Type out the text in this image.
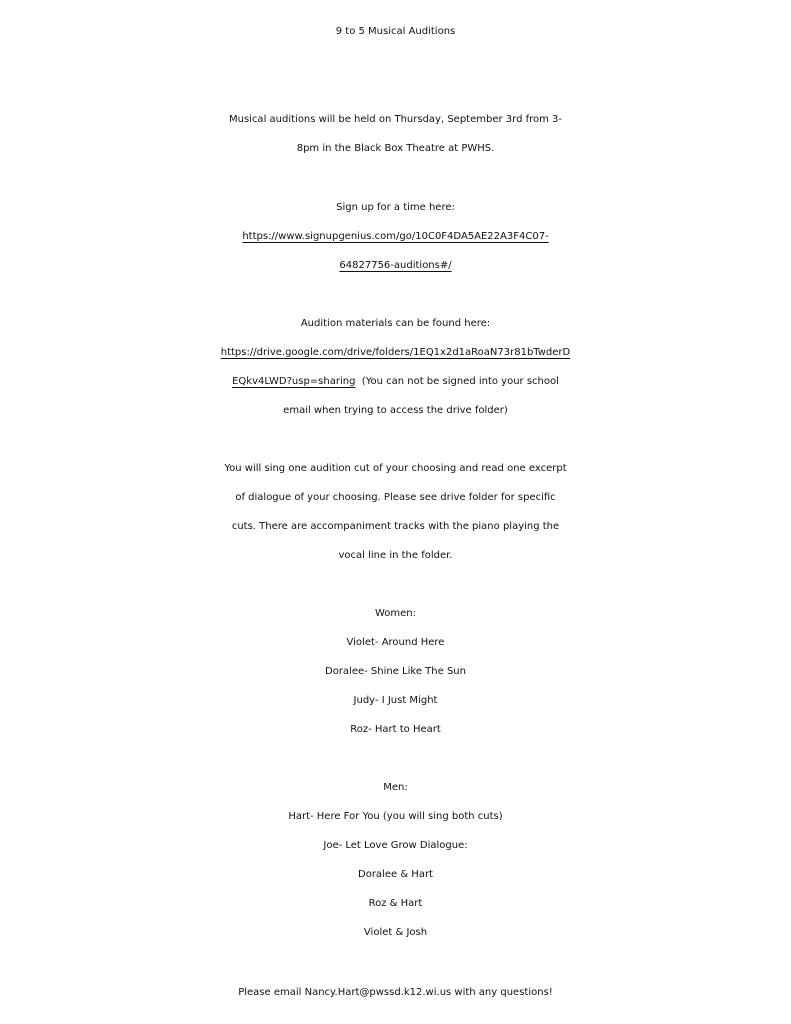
9 to 5 Musical Auditions
Musical auditions will be held on Thursday, September 3rd from 3-
8pm in the Black Box Theatre at PWHS.
Sign up for a time here:
https://www.signupgenius.com/go/10C0F4DA5AE22A3F4C07-
64827756-auditions#/
Audition materials can be found here:
https://drive.google.com/drive/folders/1EQ1x2d1aRoaN73r81bTwderD
EQkv4LWD?usp=sharing  (You can not be signed into your school
email when trying to access the drive folder)
You will sing one audition cut of your choosing and read one excerpt
of dialogue of your choosing. Please see drive folder for specific
cuts. There are accompaniment tracks with the piano playing the
vocal line in the folder.
Women:
Violet- Around Here
Doralee- Shine Like The Sun
Judy- I Just Might
Roz- Hart to Heart
Men:
Hart- Here For You (you will sing both cuts)
Joe- Let Love Grow Dialogue:
Doralee & Hart
Roz & Hart
Violet & Josh
Please email Nancy.Hart@pwssd.k12.wi.us with any questions!
